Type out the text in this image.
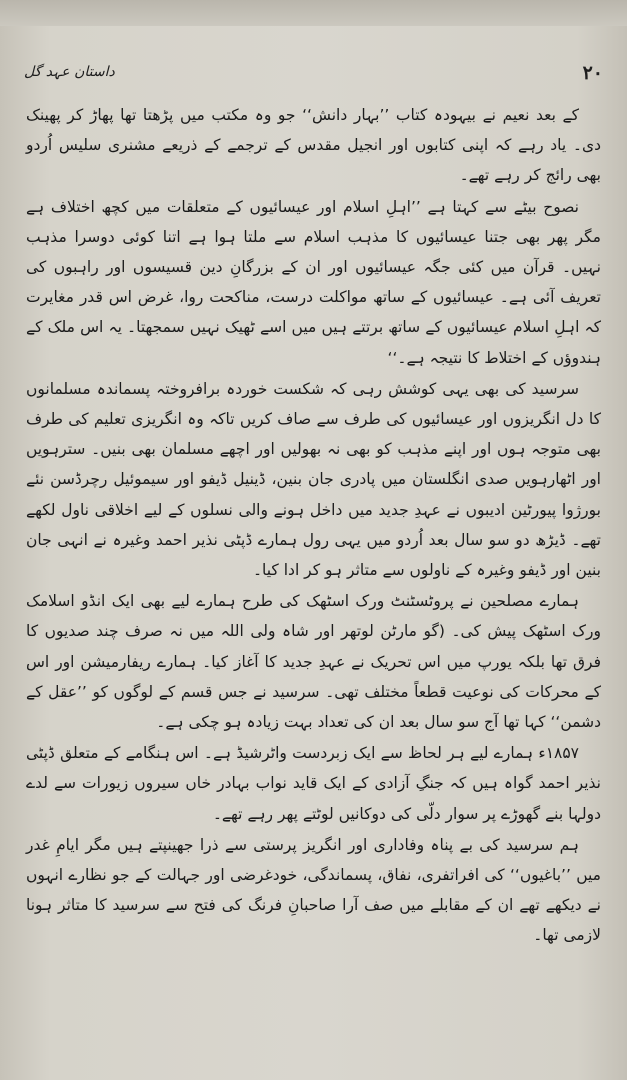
۲۰
داستان عہد گل

کے بعد نعیم نے بیہودہ کتاب ’’بہار دانش‘‘ جو وہ مکتب میں پڑھتا تھا پھاڑ کر پھینک دی۔ یاد رہے کہ اپنی کتابوں اور انجیل مقدس کے ترجمے کے ذریعے مشنری سلیس اُردو بھی رائج کر رہے تھے۔

نصوح بیٹے سے کہتا ہے ’’اہلِ اسلام اور عیسائیوں کے متعلقات میں کچھ اختلاف ہے مگر پھر بھی جتنا عیسائیوں کا مذہب اسلام سے ملتا ہوا ہے اتنا کوئی دوسرا مذہب نہیں۔ قرآن میں کئی جگہ عیسائیوں اور ان کے بزرگانِ دین قسیسوں اور راہبوں کی تعریف آئی ہے۔ عیسائیوں کے ساتھ مواکلت درست، مناکحت روا، غرض اس قدر مغایرت کہ اہلِ اسلام عیسائیوں کے ساتھ برتتے ہیں میں اسے ٹھیک نہیں سمجھتا۔ یہ اس ملک کے ہندوؤں کے اختلاط کا نتیجہ ہے۔‘‘

سرسید کی بھی یہی کوشش رہی کہ شکست خوردہ برافروختہ پسماندہ مسلمانوں کا دل انگریزوں اور عیسائیوں کی طرف سے صاف کریں تاکہ وہ انگریزی تعلیم کی طرف بھی متوجہ ہوں اور اپنے مذہب کو بھی نہ بھولیں اور اچھے مسلمان بھی بنیں۔ سترہویں اور اٹھارہویں صدی انگلستان میں پادری جان بنین، ڈینیل ڈیفو اور سیموئیل رچرڈسن نئے بورژوا پیورٹین ادیبوں نے عہدِ جدید میں داخل ہونے والی نسلوں کے لیے اخلاقی ناول لکھے تھے۔ ڈیڑھ دو سو سال بعد اُردو میں یہی رول ہمارے ڈپٹی نذیر احمد وغیرہ نے انہی جان بنین اور ڈیفو وغیرہ کے ناولوں سے متاثر ہو کر ادا کیا۔

ہمارے مصلحین نے پروٹسٹنٹ ورک اسٹھک کی طرح ہمارے لیے بھی ایک انڈو اسلامک ورک اسٹھک پیش کی۔ (گو مارٹن لوتھر اور شاہ ولی اللہ میں نہ صرف چند صدیوں کا فرق تھا بلکہ یورپ میں اس تحریک نے عہدِ جدید کا آغاز کیا۔ ہمارے ریفارمیشن اور اس کے محرکات کی نوعیت قطعاً مختلف تھی۔ سرسید نے جس قسم کے لوگوں کو ’’عقل کے دشمن‘‘ کہا تھا آج سو سال بعد ان کی تعداد بہت زیادہ ہو چکی ہے۔

۱۸۵۷ء ہمارے لیے ہر لحاظ سے ایک زبردست واٹرشیڈ ہے۔ اس ہنگامے کے متعلق ڈپٹی نذیر احمد گواہ ہیں کہ جنگِ آزادی کے ایک قاید نواب بہادر خاں سیروں زیورات سے لدے دولہا بنے گھوڑے پر سوار دلّی کی دوکانیں لوٹتے پھر رہے تھے۔

ہم سرسید کی بے پناہ وفاداری اور انگریز پرستی سے ذرا جھینپتے ہیں مگر ایامِ غدر میں ’’باغیوں‘‘ کی افراتفری، نفاق، پسماندگی، خودغرضی اور جہالت کے جو نظارے انہوں نے دیکھے تھے ان کے مقابلے میں صف آرا صاحبانِ فرنگ کی فتح سے سرسید کا متاثر ہونا لازمی تھا۔
